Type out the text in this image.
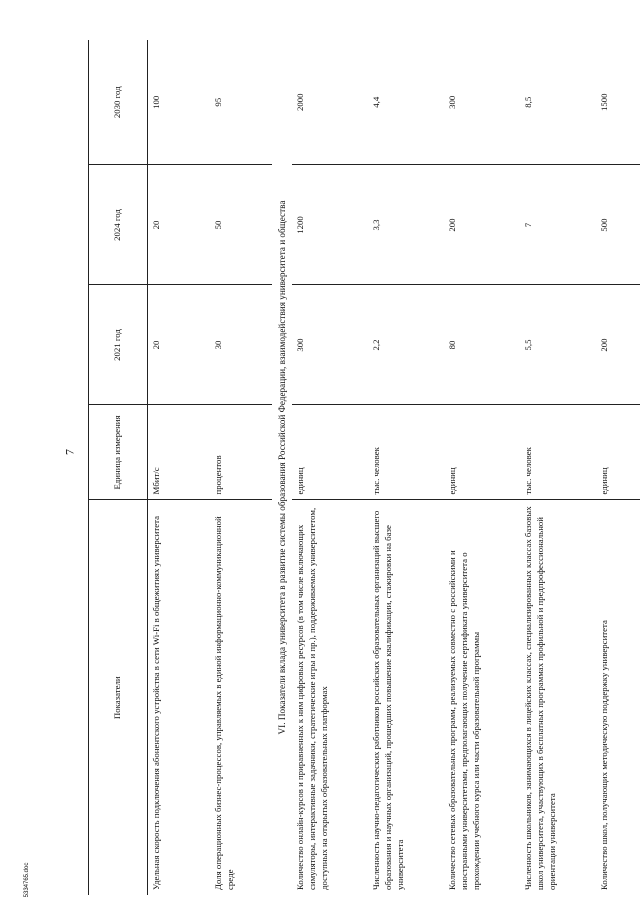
7
5334765.doc
Показатели	Единица измерения	2021 год	2024 год	2030 год
Удельная скорость подключения абонентского устройства в сети Wi-Fi в общежитиях университета	Мбит/с	20	20	100
Доля операционных бизнес-процессов, управляемых в единой информационно-коммуникационной среде	процентов	30	50	95
VI. Показатели вклада университета в развитие системы образования Российской Федерации, взаимодействия университета и общества				
Количество онлайн-курсов и приравненных к ним цифровых ресурсов (в том числе включающих симуляторы, интерактивные задачники, стратегические игры и пр.), поддерживаемых университетом, доступных на открытых образовательных платформах	единиц	300	1200	2000
Численность научно-педагогических работников российских образовательных организаций высшего образования и научных организаций, прошедших повышение квалификации, стажировки на базе университета	тыс. человек	2,2	3,3	4,4
Количество сетевых образовательных программ, реализуемых совместно с российскими и иностранными университетами, предполагающих получение сертификата университета о прохождении учебного курса или части образовательной программы	единиц	80	200	300
Численность школьников, занимающихся в лицейских классах, специализированных классах базовых школ университета, участвующих в бесплатных программах профильной и предпрофессиональной ориентации университета	тыс. человек	5,5	7	8,5
Количество школ, получающих методическую поддержку университета	единиц	200	500	1500
